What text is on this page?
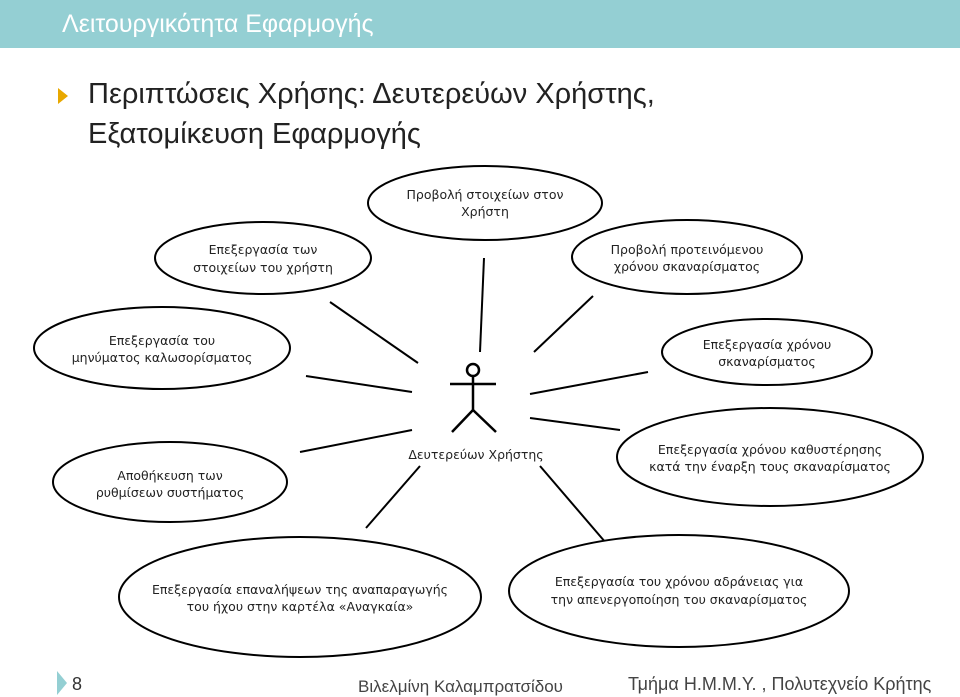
Λειτουργικότητα Εφαρμογής
Περιπτώσεις Χρήσης: Δευτερεύων Χρήστης,
Εξατομίκευση Εφαρμογής
Δευτερεύων Χρήστης
Προβολή στοιχείων στον
Χρήστη
Επεξεργασία των
στοιχείων του χρήστη
Προβολή προτεινόμενου
χρόνου σκαναρίσματος
Επεξεργασία του
μηνύματος καλωσορίσματος
Επεξεργασία χρόνου
σκαναρίσματος
Επεξεργασία χρόνου καθυστέρησης
κατά την έναρξη τους σκαναρίσματος
Αποθήκευση των
ρυθμίσεων συστήματος
Επεξεργασία επαναλήψεων της αναπαραγωγής
του ήχου στην καρτέλα «Αναγκαία»
Επεξεργασία του χρόνου αδράνειας για
την απενεργοποίηση του σκαναρίσματος
8	Βιλελμίνη Καλαμπρατσίδου	Τμήμα Η.Μ.Μ.Υ. , Πολυτεχνείο Κρήτης
